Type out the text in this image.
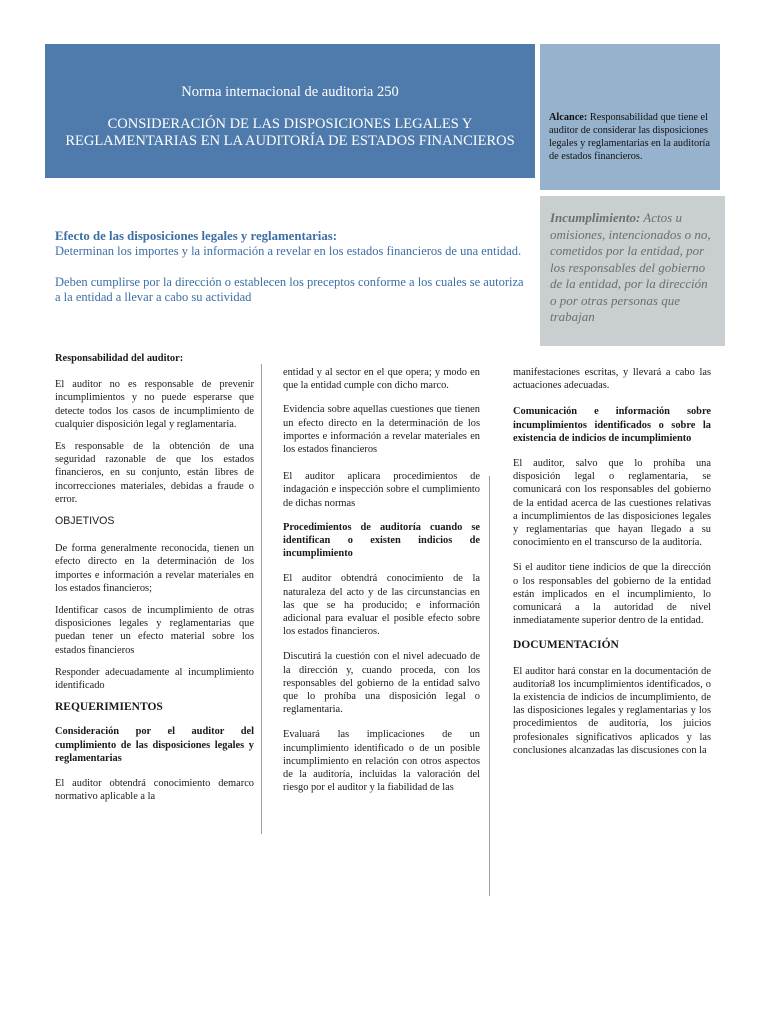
Norma internacional de auditoria 250
CONSIDERACIÓN DE LAS DISPOSICIONES LEGALES Y REGLAMENTARIAS EN LA AUDITORÍA DE ESTADOS FINANCIEROS
Alcance: Responsabilidad que tiene el auditor de considerar las disposiciones legales y reglamentarias en la auditoría de estados financieros.
Incumplimiento: Actos u omisiones, intencionados o no, cometidos por la entidad, por los responsables del gobierno de la entidad, por la dirección o por otras personas que trabajan

Efecto de las disposiciones legales y reglamentarias:

Determinan los importes y la información a revelar en los estados financieros de una entidad.

Deben cumplirse por la dirección o establecen los preceptos conforme a los cuales se autoriza a la entidad a llevar a cabo su actividad

Responsabilidad del auditor:

El auditor no es responsable de prevenir incumplimientos y no puede esperarse que detecte todos los casos de incumplimiento de cualquier disposición legal y reglamentaria.

Es responsable de la obtención de una seguridad razonable de que los estados financieros, en su conjunto, están libres de incorrecciones materiales, debidas a fraude o error.

OBJETIVOS

De forma generalmente reconocida, tienen un efecto directo en la determinación de los importes e información a revelar materiales en los estados financieros;

Identificar casos de incumplimiento de otras disposiciones legales y reglamentarias que puedan tener un efecto material sobre los estados financieros

Responder adecuadamente al incumplimiento identificado

REQUERIMIENTOS

Consideración por el auditor del cumplimiento de las disposiciones legales y reglamentarias

El auditor obtendrá conocimiento demarco normativo aplicable a la

entidad y al sector en el que opera; y modo en que la entidad cumple con dicho marco.

Evidencia sobre aquellas cuestiones que tienen un efecto directo en la determinación de los importes e información a revelar materiales en los estados financieros

El auditor aplicara procedimientos de indagación e inspección sobre el cumplimiento de dichas normas

Procedimientos de auditoría cuando se identifican o existen indicios de incumplimiento

El auditor obtendrá conocimiento de la naturaleza del acto y de las circunstancias en las que se ha producido; e información adicional para evaluar el posible efecto sobre los estados financieros.

Discutirá la cuestión con el nivel adecuado de la dirección y, cuando proceda, con los responsables del gobierno de la entidad salvo que lo prohíba una disposición legal o reglamentaria.

Evaluará las implicaciones de un incumplimiento identificado o de un posible incumplimiento en relación con otros aspectos de la auditoría, incluidas la valoración del riesgo por el auditor y la fiabilidad de las

manifestaciones escritas, y llevará a cabo las actuaciones adecuadas.

Comunicación e información sobre incumplimientos identificados o sobre la existencia de indicios de incumplimiento

El auditor, salvo que lo prohíba una disposición legal o reglamentaria, se comunicará con los responsables del gobierno de la entidad acerca de las cuestiones relativas a incumplimientos de las disposiciones legales y reglamentarias que hayan llegado a su conocimiento en el transcurso de la auditoría.

Si el auditor tiene indicios de que la dirección o los responsables del gobierno de la entidad están implicados en el incumplimiento, lo comunicará a la autoridad de nivel inmediatamente superior dentro de la entidad.

DOCUMENTACIÓN

El auditor hará constar en la documentación de auditoría8 los incumplimientos identificados, o la existencia de indicios de incumplimiento, de las disposiciones legales y reglamentarias y los procedimientos de auditoría, los juicios profesionales significativos aplicados y las conclusiones alcanzadas las discusiones con la
